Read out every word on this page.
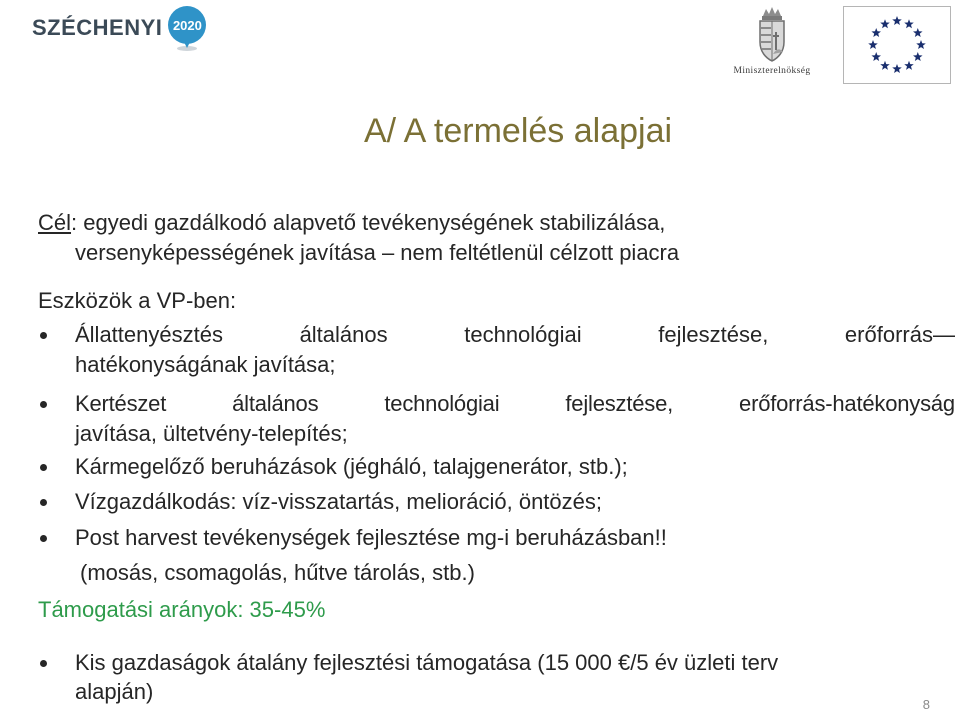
SZÉCHENYI 2020
Miniszterelnökség
A/ A termelés alapjai
Cél: egyedi gazdálkodó alapvető tevékenységének stabilizálása,
versenyképességének javítása – nem feltétlenül célzott piacra
Eszközök a VP-ben:
Állattenyésztés	általános	technológiai	fejlesztése,	erőforrás—
hatékonyságának javítása;
Kertészet	általános	technológiai	fejlesztése,	erőforrás-hatékonyság
javítása, ültetvény-telepítés;
Kármegelőző beruházások (jégháló, talajgenerátor, stb.);
Vízgazdálkodás: víz-visszatartás, melioráció, öntözés;
Post harvest tevékenységek fejlesztése mg-i beruházásban!!
(mosás, csomagolás, hűtve tárolás, stb.)
Támogatási arányok: 35-45%
Kis gazdaságok átalány fejlesztési támogatása (15 000 €/5 év üzleti terv
alapján)
8
